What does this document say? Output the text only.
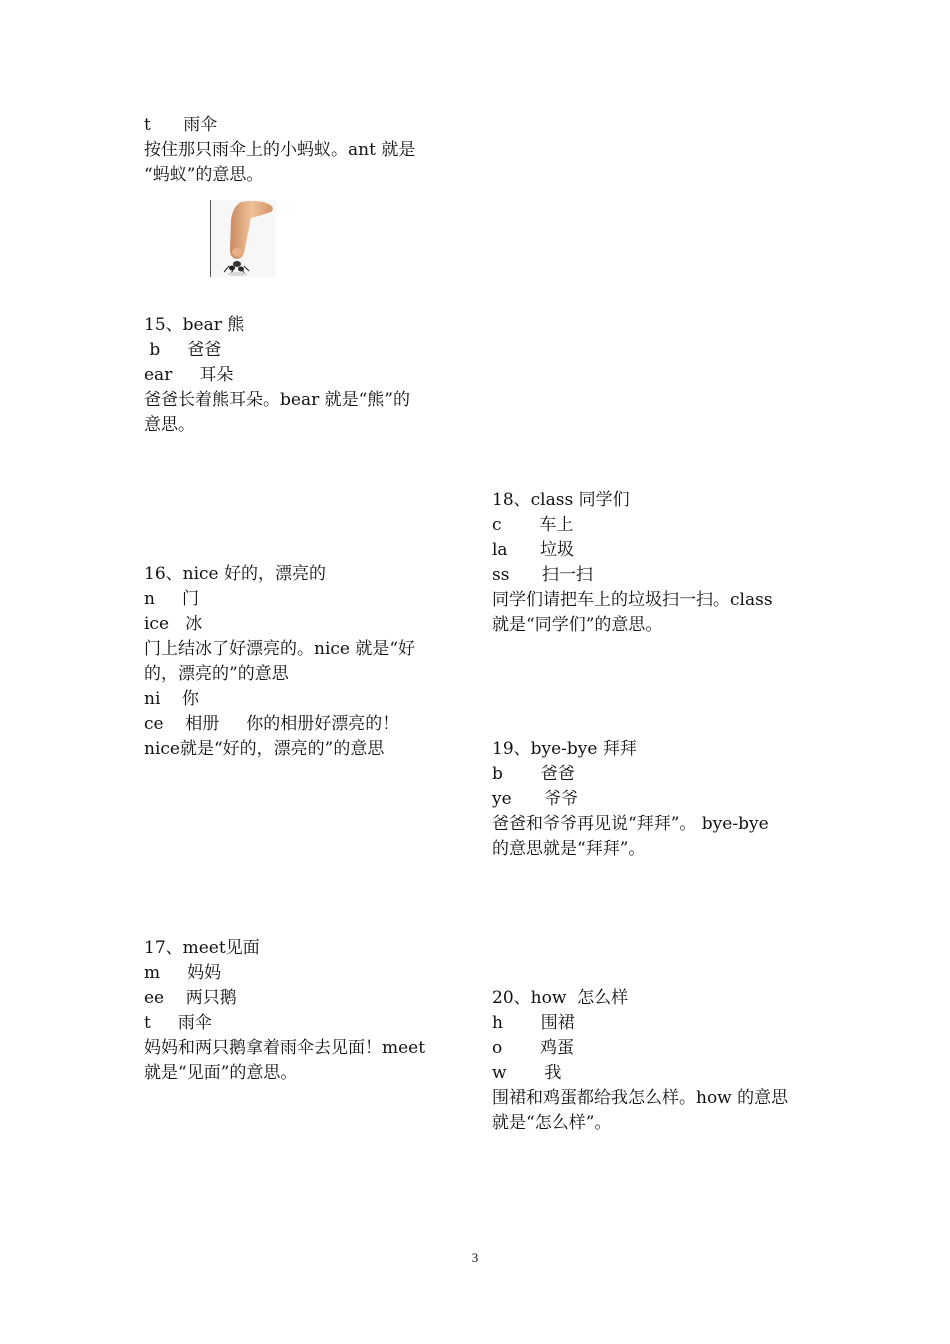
t      雨伞
按住那只雨伞上的小蚂蚁。ant 就是
“蚂蚁”的意思。
15、bear 熊
b     爸爸
ear     耳朵
爸爸长着熊耳朵。bear 就是“熊”的
意思。
16、nice 好的，漂亮的
n     门
ice   冰
门上结冰了好漂亮的。nice 就是“好
的，漂亮的”的意思
ni    你
ce    相册     你的相册好漂亮的！
nice就是“好的，漂亮的”的意思
17、meet见面
m     妈妈
ee    两只鹅
t     雨伞
妈妈和两只鹅拿着雨伞去见面！meet
就是“见面”的意思。
18、class 同学们
c       车上
la      垃圾
ss      扫一扫
同学们请把车上的垃圾扫一扫。class
就是“同学们”的意思。
19、bye-bye 拜拜
b       爸爸
ye      爷爷
爸爸和爷爷再见说“拜拜”。 bye-bye
的意思就是“拜拜”。
20、how  怎么样
h       围裙
o       鸡蛋
w       我
围裙和鸡蛋都给我怎么样。how 的意思
就是“怎么样”。
3
